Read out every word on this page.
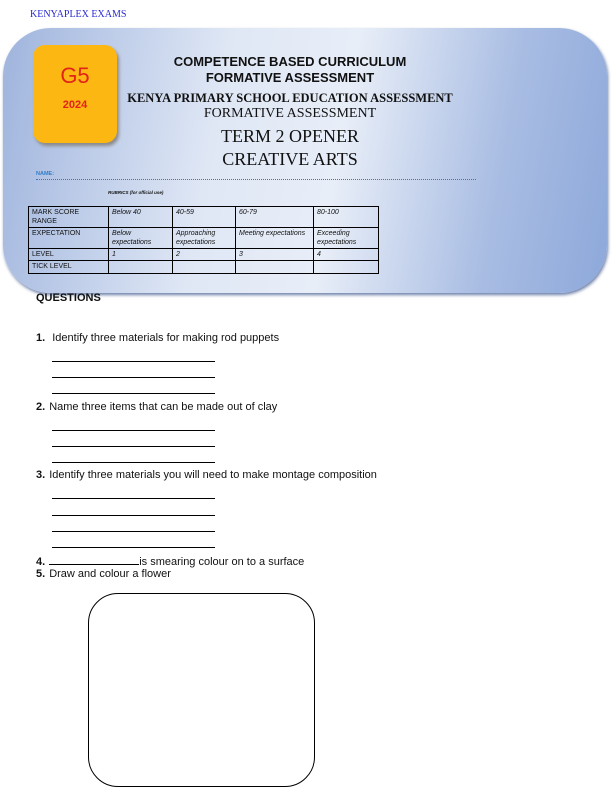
KENYAPLEX EXAMS
G5
2024
COMPETENCE BASED CURRICULUM
FORMATIVE ASSESSMENT
KENYA PRIMARY SCHOOL EDUCATION ASSESSMENT
FORMATIVE ASSESSMENT
TERM 2 OPENER
CREATIVE ARTS
NAME:
RUBRICS (for official use)
MARK SCORE RANGE	Below 40	40-59	60-79	80-100
EXPECTATION	Below expectations	Approaching expectations	Meeting expectations	Exceeding expectations
LEVEL	1	2	3	4
TICK LEVEL				
QUESTIONS
1. Identify three materials for making rod puppets
2. Name three items that can be made out of clay
3. Identify three materials you will need to make montage composition
4.	is smearing colour on to a surface
5. Draw and colour a flower
